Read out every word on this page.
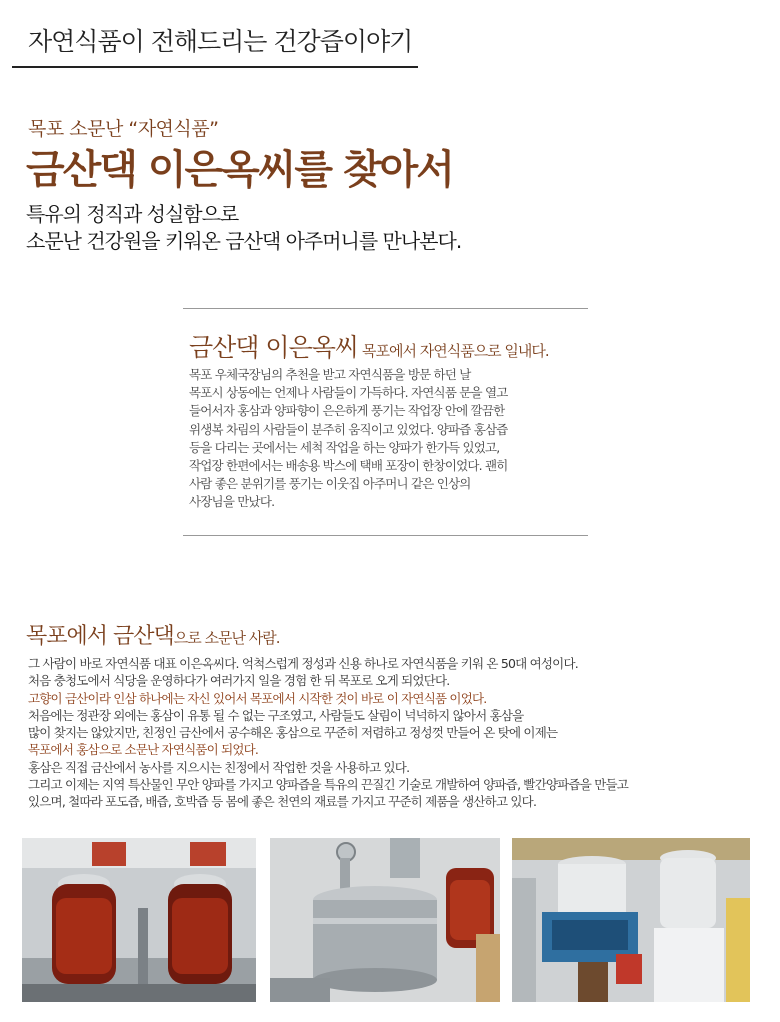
자연식품이 전해드리는 건강즙이야기
목포 소문난 “자연식품”
금산댁 이은옥씨를 찾아서
특유의 정직과 성실함으로
소문난 건강원을 키워온 금산댁 아주머니를 만나본다.
금산댁 이은옥씨 목포에서 자연식품으로 일내다.
목포 우체국장님의 추천을 받고 자연식품을 방문 하던 날
목포시 상동에는 언제나 사람들이 가득하다. 자연식품 문을 열고
들어서자 홍삼과 양파향이 은은하게 풍기는 작업장 안에 깔끔한
위생복 차림의 사람들이 분주히 움직이고 있었다. 양파즙 홍삼즙
등을 다리는 곳에서는 세척 작업을 하는 양파가 한가득 있었고,
작업장 한편에서는 배송용 박스에 택배 포장이 한창이었다. 괜히
사람 좋은 분위기를 풍기는 이웃집 아주머니 같은 인상의
사장님을 만났다.
목포에서 금산댁으로 소문난 사람.
그 사람이 바로 자연식품 대표 이은옥씨다. 억척스럽게 정성과 신용 하나로 자연식품을 키워 온 50대 여성이다.
처음 충청도에서 식당을 운영하다가 여러가지 일을 경험 한 뒤 목포로 오게 되었단다.
고향이 금산이라 인삼 하나에는 자신 있어서 목포에서 시작한 것이 바로 이 자연식품 이었다.
처음에는 정관장 외에는 홍삼이 유통 될 수 없는 구조였고, 사람들도 살림이 넉넉하지 않아서 홍삼을
많이 찾지는 않았지만, 친정인 금산에서 공수해온 홍삼으로 꾸준히 저렴하고 정성껏 만들어 온 탓에 이제는
목포에서 홍삼으로 소문난 자연식품이 되었다.
홍삼은 직접 금산에서 농사를 지으시는 친정에서 작업한 것을 사용하고 있다.
그리고 이제는 지역 특산물인 무안 양파를 가지고 양파즙을 특유의 끈질긴 기술로 개발하여 양파즙, 빨간양파즙을 만들고
있으며, 철따라 포도즙, 배즙, 호박즙 등 몸에 좋은 천연의 재료를 가지고 꾸준히 제품을 생산하고 있다.
